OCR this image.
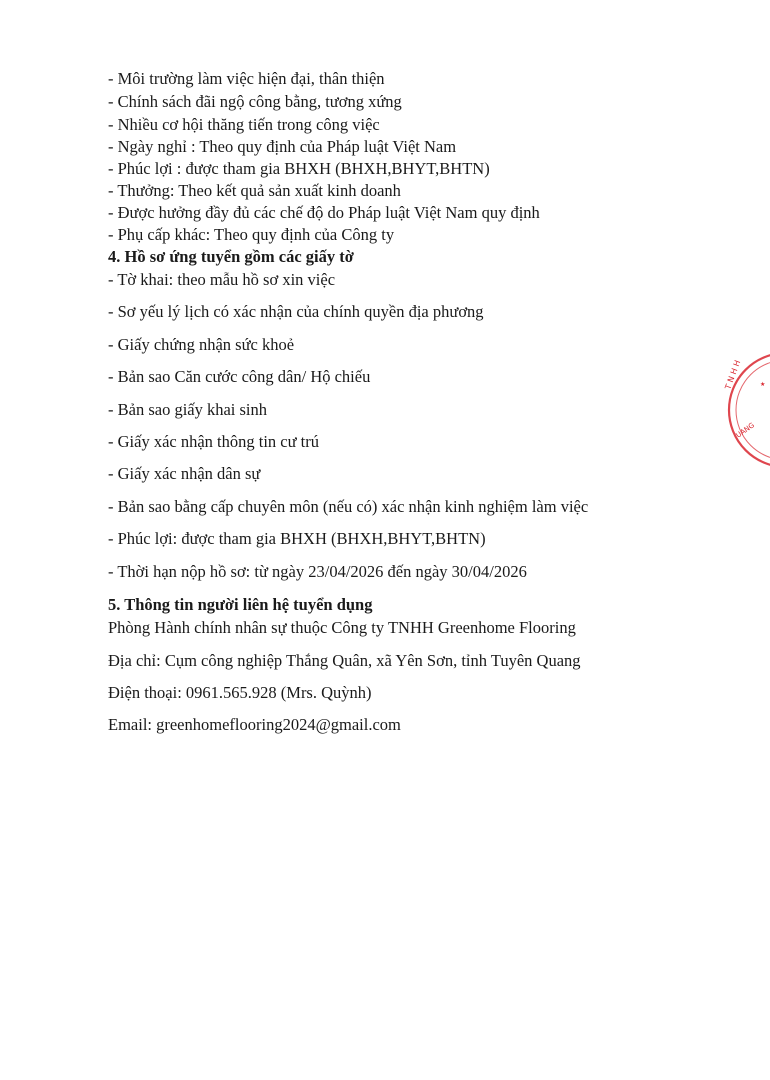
- Môi trường làm việc hiện đại, thân thiện
- Chính sách đãi ngộ công bằng, tương xứng
- Nhiều cơ hội thăng tiến trong công việc
- Ngày nghỉ : Theo quy định của Pháp luật Việt Nam
- Phúc lợi : được tham gia BHXH (BHXH,BHYT,BHTN)
- Thưởng: Theo kết quả sản xuất kinh doanh
- Được hưởng đầy đủ các chế độ do Pháp luật Việt Nam quy định
- Phụ cấp khác: Theo quy định của Công ty
4. Hồ sơ ứng tuyển gồm các giấy tờ
- Tờ khai: theo mẫu hồ sơ xin việc
- Sơ yếu lý lịch có xác nhận của chính quyền địa phương
- Giấy chứng nhận sức khoẻ
- Bản sao Căn cước công dân/ Hộ chiếu
- Bản sao giấy khai sinh
- Giấy xác nhận thông tin cư trú
- Giấy xác nhận dân sự
- Bản sao bằng cấp chuyên môn (nếu có) xác nhận kinh nghiệm làm việc
- Phúc lợi: được tham gia BHXH (BHXH,BHYT,BHTN)
- Thời hạn nộp hồ sơ: từ ngày 23/04/2026 đến ngày 30/04/2026
5. Thông tin người liên hệ tuyển dụng
Phòng Hành chính nhân sự thuộc Công ty TNHH Greenhome Flooring
Địa chỉ: Cụm công nghiệp Thắng Quân, xã Yên Sơn, tỉnh Tuyên Quang
Điện thoại: 0961.565.928 (Mrs. Quỳnh)
Email: greenhomeflooring2024@gmail.com
T N H H
UANG
★
